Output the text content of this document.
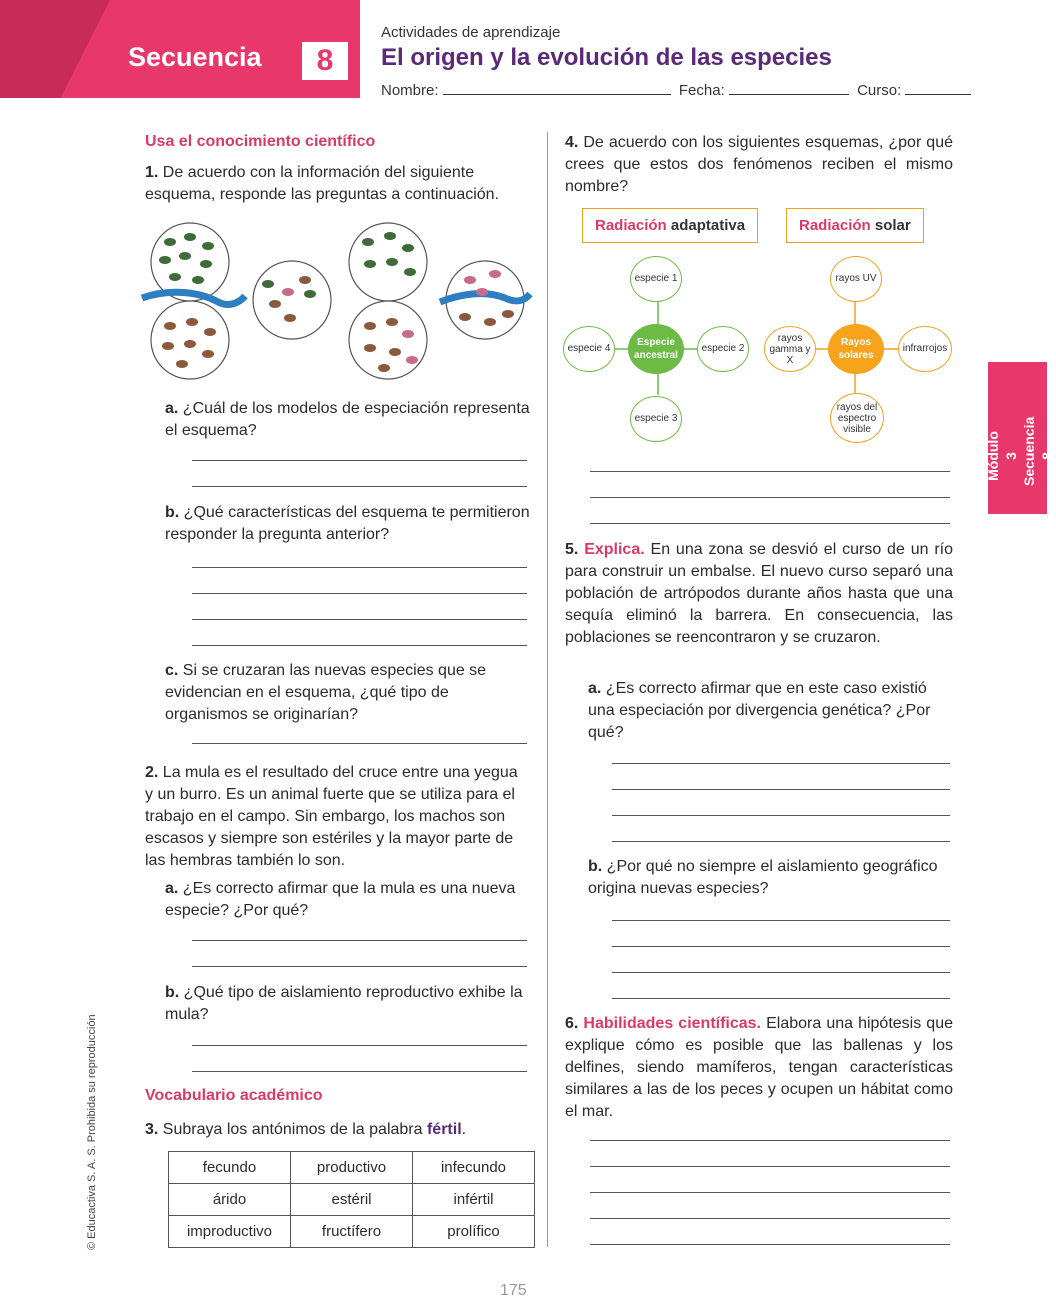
Secuencia	8
Actividades de aprendizaje
El origen y la evolución de las especies
Nombre:	Fecha:	Curso:
Módulo 3 Secuencia 8
Usa el conocimiento científico
1. De acuerdo con la información del siguiente esquema, responde las preguntas a continuación.
a. ¿Cuál de los modelos de especiación representa el esquema?
b. ¿Qué características del esquema te permitieron responder la pregunta anterior?
c. Si se cruzaran las nuevas especies que se evidencian en el esquema, ¿qué tipo de organismos se originarían?
2. La mula es el resultado del cruce entre una yegua y un burro. Es un animal fuerte que se utiliza para el trabajo en el campo. Sin embargo, los machos son escasos y siempre son estériles y la mayor parte de las hembras también lo son.
a. ¿Es correcto afirmar que la mula es una nueva especie? ¿Por qué?
b. ¿Qué tipo de aislamiento reproductivo exhibe la mula?
Vocabulario académico
3. Subraya los antónimos de la palabra fértil.
fecundo	productivo	infecundo
árido	estéril	infértil
improductivo	fructífero	prolífico
4. De acuerdo con los siguientes esquemas, ¿por qué crees que estos dos fenómenos reciben el mismo nombre?
Radiación adaptativa
especie 1
especie 2
especie 3
especie 4
Especie ancestral
Radiación solar
rayos UV
infrarrojos
rayos del espectro visible
rayos gamma y X
Rayos solares
5. Explica. En una zona se desvió el curso de un río para construir un embalse. El nuevo curso separó una población de artrópodos durante años hasta que una sequía eliminó la barrera. En consecuencia, las poblaciones se reencontraron y se cruzaron.
a. ¿Es correcto afirmar que en este caso existió una especiación por divergencia genética? ¿Por qué?
b. ¿Por qué no siempre el aislamiento geográfico origina nuevas especies?
6. Habilidades científicas. Elabora una hipótesis que explique cómo es posible que las ballenas y los delfines, siendo mamíferos, tengan características similares a las de los peces y ocupen un hábitat como el mar.
© Educactiva S. A. S. Prohibida su reproducción
175
